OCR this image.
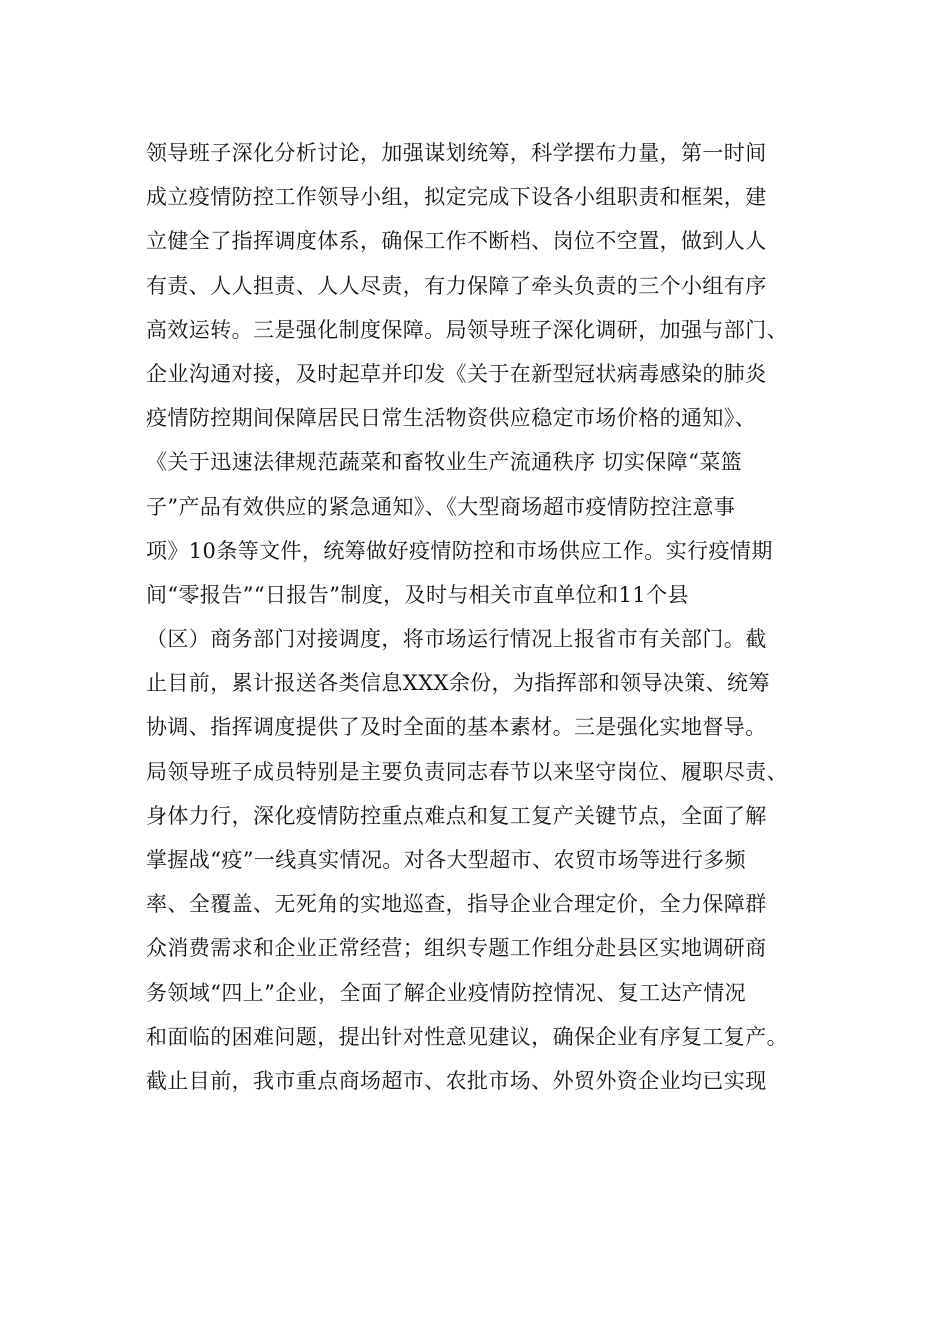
领导班子深化分析讨论，加强谋划统筹，科学摆布力量，第一时间
成立疫情防控工作领导小组，拟定完成下设各小组职责和框架，建
立健全了指挥调度体系，确保工作不断档、岗位不空置，做到人人
有责、人人担责、人人尽责，有力保障了牵头负责的三个小组有序
高效运转。三是强化制度保障。局领导班子深化调研，加强与部门、
企业沟通对接，及时起草并印发《关于在新型冠状病毒感染的肺炎
疫情防控期间保障居民日常生活物资供应稳定市场价格的通知》、
《关于迅速法律规范蔬菜和畜牧业生产流通秩序 切实保障“菜篮
子”产品有效供应的紧急通知》、《大型商场超市疫情防控注意事
项》10条等文件，统筹做好疫情防控和市场供应工作。实行疫情期
间“零报告”“日报告”制度，及时与相关市直单位和11个县
（区）商务部门对接调度，将市场运行情况上报省市有关部门。截
止目前，累计报送各类信息XXX余份，为指挥部和领导决策、统筹
协调、指挥调度提供了及时全面的基本素材。三是强化实地督导。
局领导班子成员特别是主要负责同志春节以来坚守岗位、履职尽责、
身体力行，深化疫情防控重点难点和复工复产关键节点，全面了解
掌握战“疫”一线真实情况。对各大型超市、农贸市场等进行多频
率、全覆盖、无死角的实地巡查，指导企业合理定价，全力保障群
众消费需求和企业正常经营；组织专题工作组分赴县区实地调研商
务领域“四上”企业，全面了解企业疫情防控情况、复工达产情况
和面临的困难问题，提出针对性意见建议，确保企业有序复工复产。
截止目前，我市重点商场超市、农批市场、外贸外资企业均已实现
